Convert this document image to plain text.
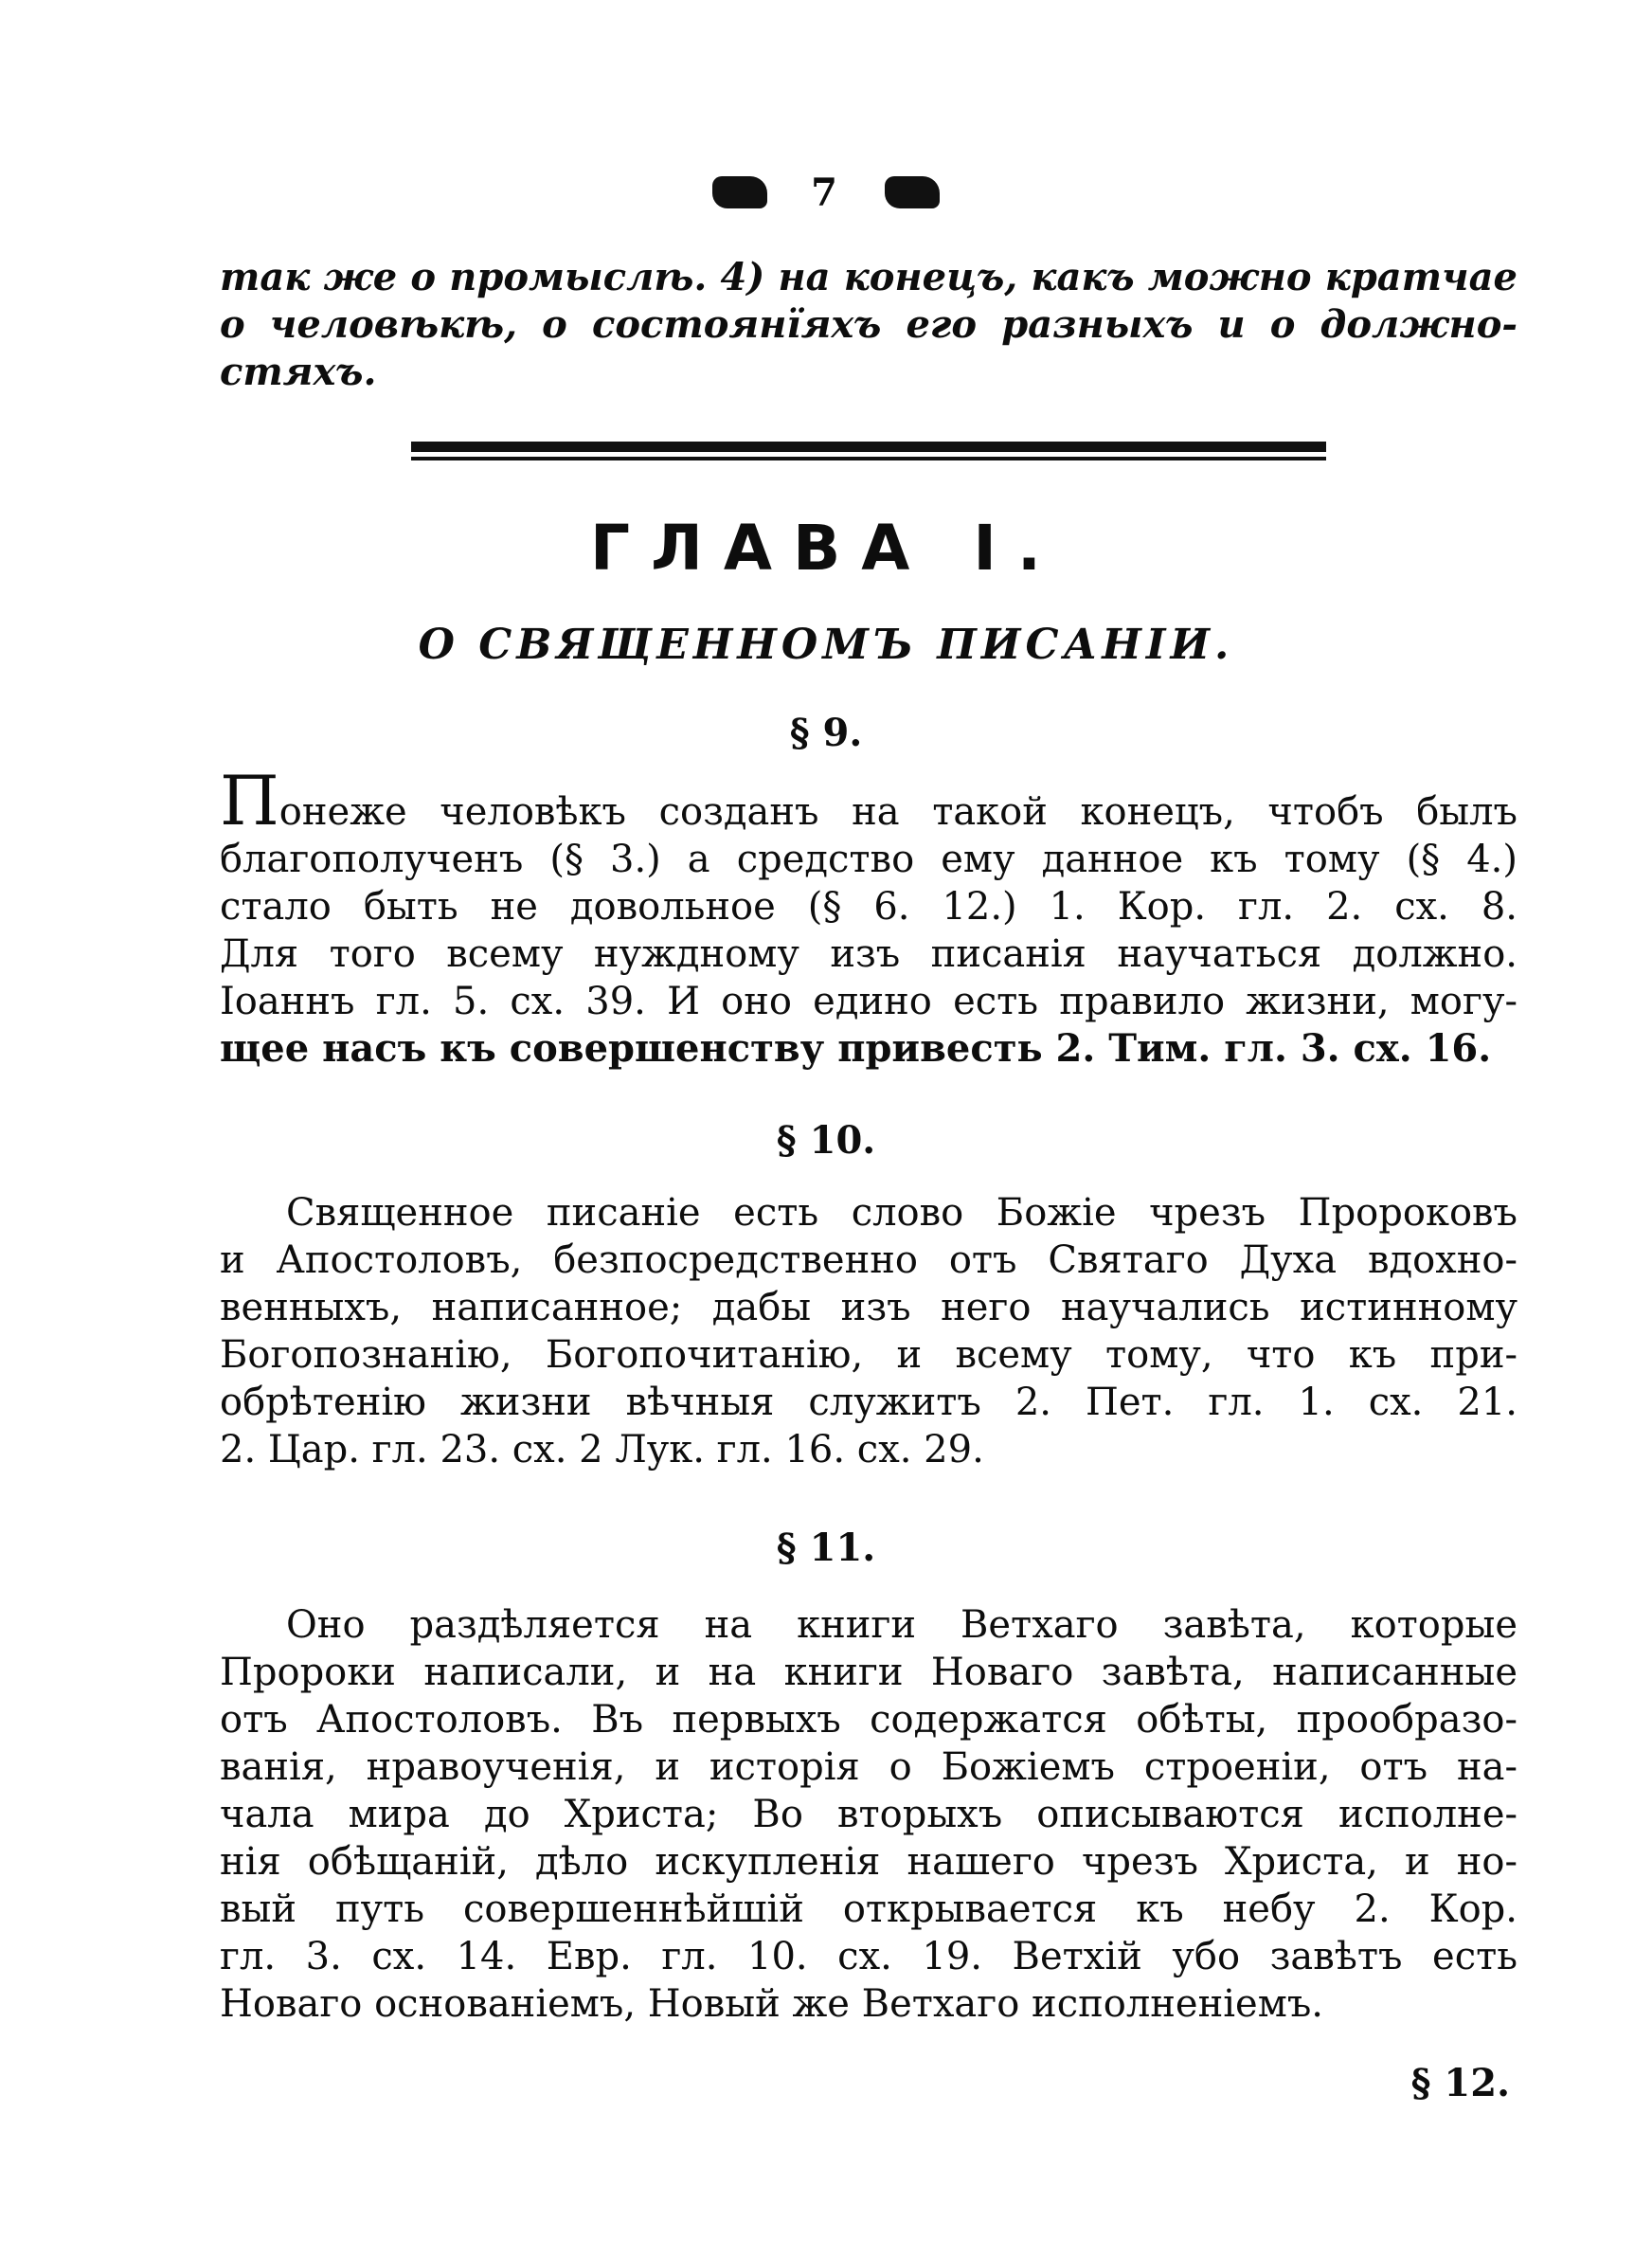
7
так же о промыслѣ. 4) на конецъ, какъ можно кратчае
о человѣкѣ, о состоянїяхъ его разныхъ и о должно-
стяхъ.
ГЛАВА I.
О СВЯЩЕННОМЪ ПИСАНIИ.
§ 9.
Понеже человѣкъ созданъ на такой конецъ, чтобъ былъ
благополученъ (§ 3.) а средство ему данное къ тому (§ 4.)
стало быть не довольное (§ 6. 12.) 1. Кор. гл. 2. сх. 8.
Для того всему нуждному изъ писанiя научаться должно.
Iоаннъ гл. 5. сх. 39. И оно едино есть правило жизни, могу-
щее насъ къ совершенству привесть 2. Тим. гл. 3. сх. 16.
§ 10.
Священное писанiе есть слово Божiе чрезъ Пророковъ
и Апостоловъ, безпосредственно отъ Святаго Духа вдохно-
венныхъ, написанное; дабы изъ него научались истинному
Богопознанiю, Богопочитанiю, и всему тому, что къ при-
обрѣтенiю жизни вѣчныя служитъ 2. Пет. гл. 1. сх. 21.
2. Цар. гл. 23. сх. 2 Лук. гл. 16. сх. 29.
§ 11.
Оно раздѣляется на книги Ветхаго завѣта, которые
Пророки написали, и на книги Новаго завѣта, написанные
отъ Апостоловъ. Въ первыхъ содержатся обѣты, прообразо-
ванiя, нравоученiя, и исторiя о Божiемъ строенiи, отъ на-
чала мира до Христа; Во вторыхъ описываются исполне-
нiя обѣщанiй, дѣло искупленiя нашего чрезъ Христа, и но-
вый путь совершеннѣйшiй открывается къ небу 2. Кор.
гл. 3. сх. 14. Евр. гл. 10. сх. 19. Ветхiй убо завѣтъ есть
Новаго основанiемъ, Новый же Ветхаго исполненiемъ.
§ 12.
